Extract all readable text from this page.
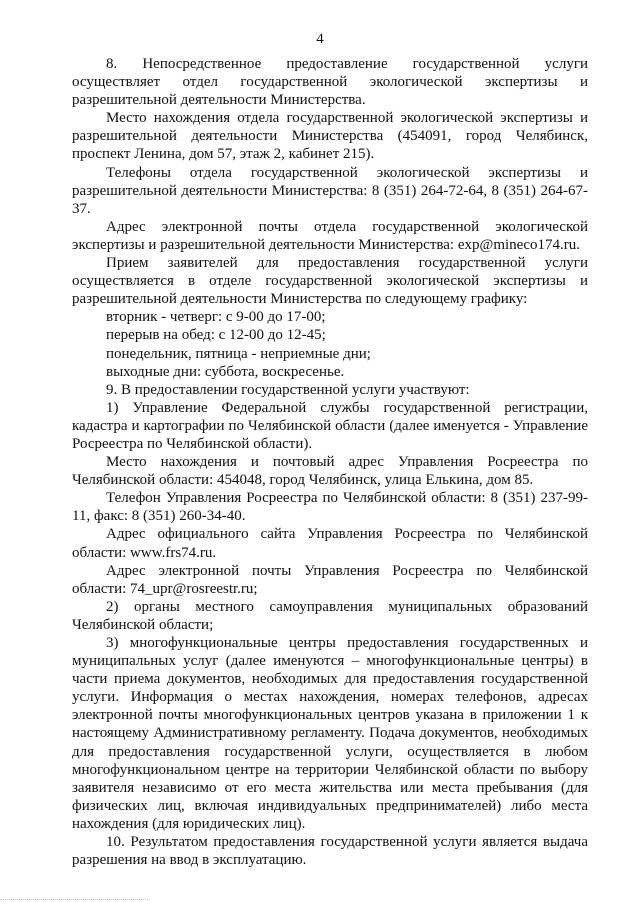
4

8. Непосредственное предоставление государственной услуги осуществляет отдел государственной экологической экспертизы и разрешительной деятельности Министерства.

Место нахождения отдела государственной экологической экспертизы и разрешительной деятельности Министерства (454091, город Челябинск, проспект Ленина, дом 57, этаж 2, кабинет 215).

Телефоны отдела государственной экологической экспертизы и разрешительной деятельности Министерства: 8 (351) 264-72-64, 8 (351) 264-67-37.

Адрес электронной почты отдела государственной экологической экспертизы и разрешительной деятельности Министерства: exp@mineco174.ru.

Прием заявителей для предоставления государственной услуги осуществляется в отделе государственной экологической экспертизы и разрешительной деятельности Министерства по следующему графику:

вторник - четверг: с 9-00 до 17-00;

перерыв на обед: с 12-00 до 12-45;

понедельник, пятница - неприемные дни;

выходные дни: суббота, воскресенье.

9. В предоставлении государственной услуги участвуют:

1) Управление Федеральной службы государственной регистрации, кадастра и картографии по Челябинской области (далее именуется - Управление Росреестра по Челябинской области).

Место нахождения и почтовый адрес Управления Росреестра по Челябинской области: 454048, город Челябинск, улица Елькина, дом 85.

Телефон Управления Росреестра по Челябинской области: 8 (351) 237-99-11, факс: 8 (351) 260-34-40.

Адрес официального сайта Управления Росреестра по Челябинской области: www.frs74.ru.

Адрес электронной почты Управления Росреестра по Челябинской области: 74_upr@rosreestr.ru;

2) органы местного самоуправления муниципальных образований Челябинской области;

3) многофункциональные центры предоставления государственных и муниципальных услуг (далее именуются – многофункциональные центры) в части приема документов, необходимых для предоставления государственной услуги. Информация о местах нахождения, номерах телефонов, адресах электронной почты многофункциональных центров указана в приложении 1 к настоящему Административному регламенту. Подача документов, необходимых для предоставления государственной услуги, осуществляется в любом многофункциональном центре на территории Челябинской области по выбору заявителя независимо от его места жительства или места пребывания (для физических лиц, включая индивидуальных предпринимателей) либо места нахождения (для юридических лиц).

10. Результатом предоставления государственной услуги является выдача разрешения на ввод в эксплуатацию.
